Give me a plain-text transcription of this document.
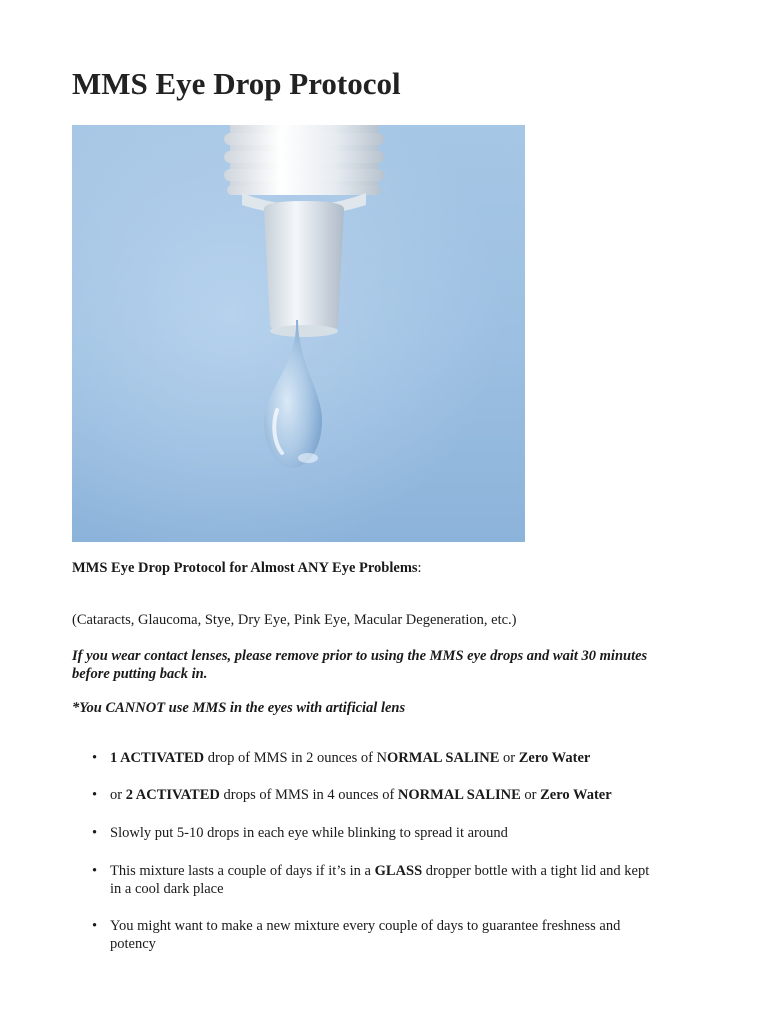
MMS Eye Drop Protocol

MMS Eye Drop Protocol for Almost ANY Eye Problems:

(Cataracts, Glaucoma, Stye, Dry Eye, Pink Eye, Macular Degeneration, etc.)

If you wear contact lenses, please remove prior to using the MMS eye drops and wait 30 minutes before putting back in.

*You CANNOT use MMS in the eyes with artificial lens

• 1 ACTIVATED drop of MMS in 2 ounces of NORMAL SALINE or Zero Water
• or 2 ACTIVATED drops of MMS in 4 ounces of NORMAL SALINE or Zero Water
• Slowly put 5-10 drops in each eye while blinking to spread it around
• This mixture lasts a couple of days if it’s in a GLASS dropper bottle with a tight lid and kept in a cool dark place
• You might want to make a new mixture every couple of days to guarantee freshness and potency
